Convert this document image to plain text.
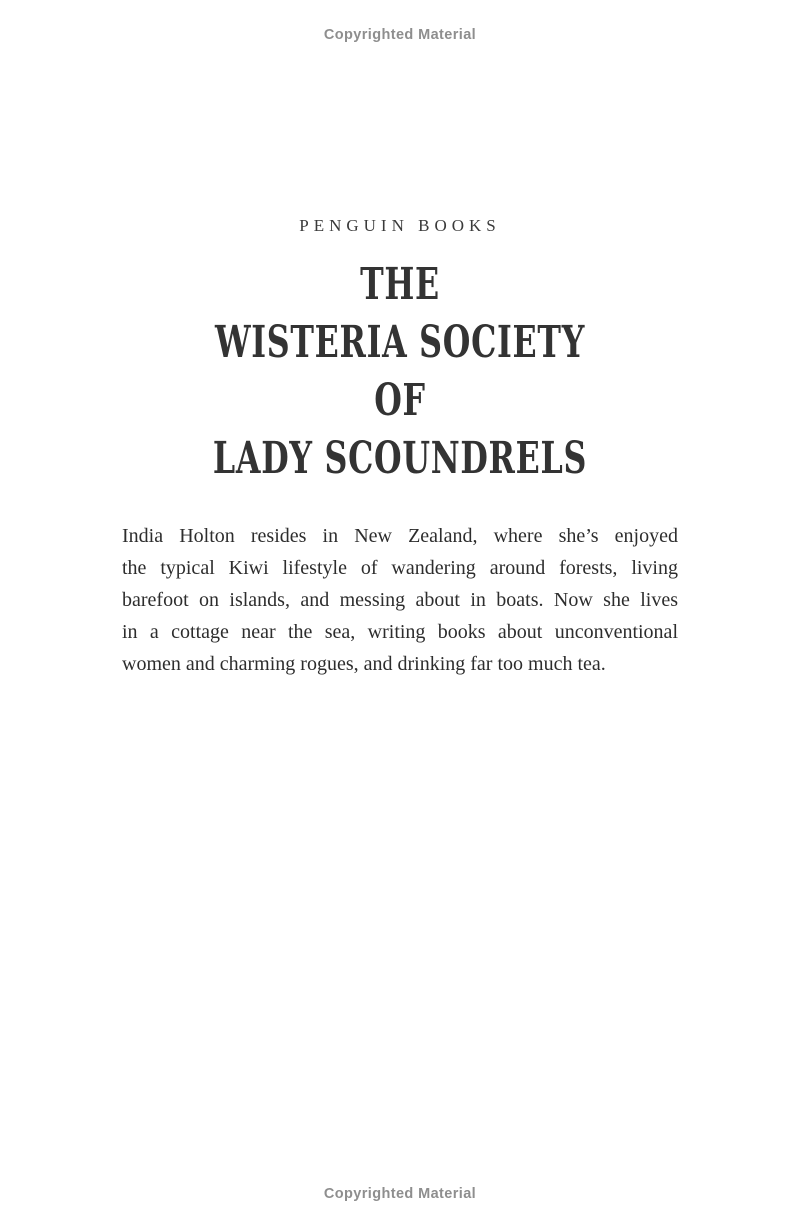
Copyrighted Material
PENGUIN BOOKS
THE
WISTERIA SOCIETY
OF
LADY SCOUNDRELS
India Holton resides in New Zealand, where she’s enjoyed
the typical Kiwi lifestyle of wandering around forests, living
barefoot on islands, and messing about in boats. Now she lives
in a cottage near the sea, writing books about unconventional
women and charming rogues, and drinking far too much tea.
Copyrighted Material
